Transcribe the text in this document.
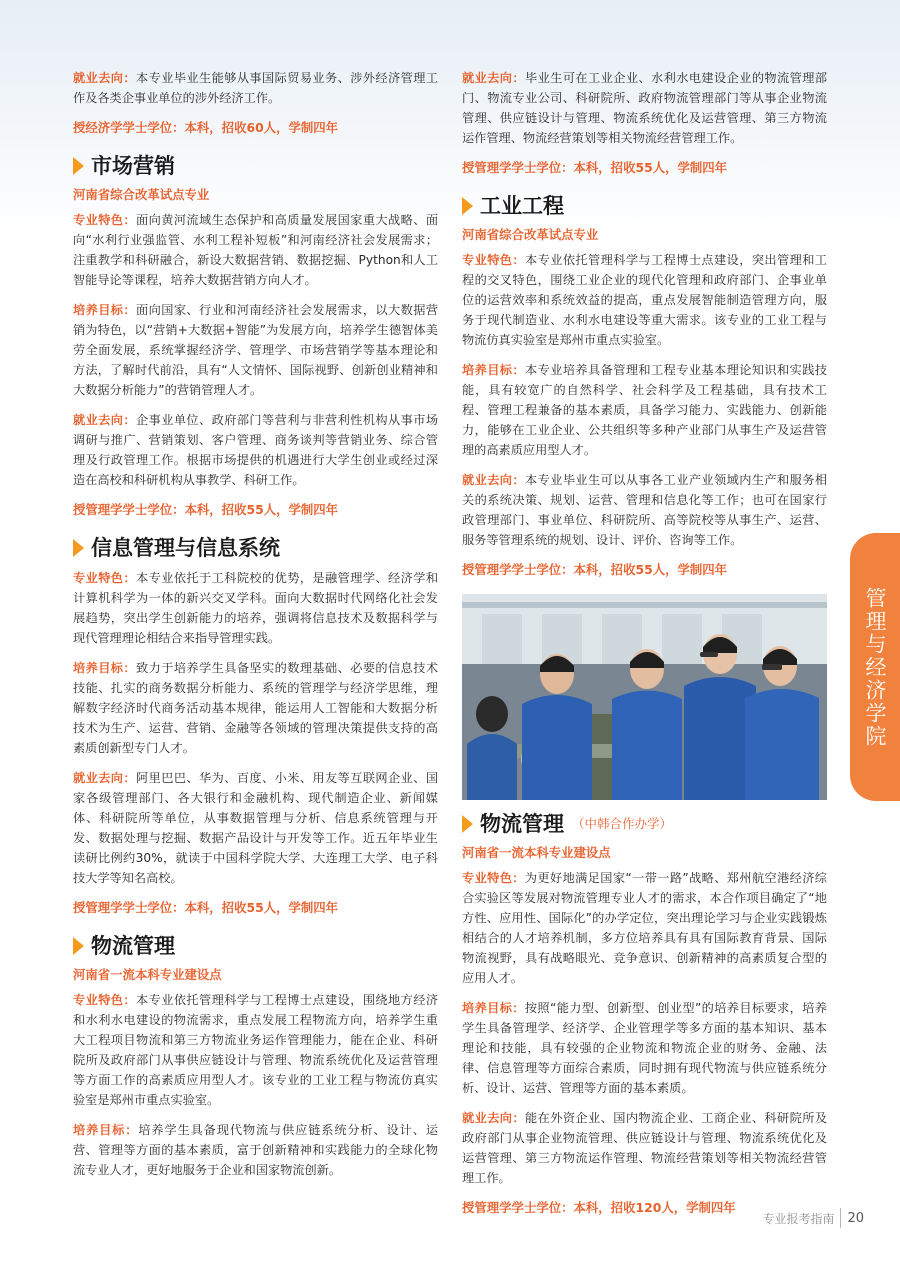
就业去向：本专业毕业生能够从事国际贸易业务、涉外经济管理工作及各类企事业单位的涉外经济工作。

授经济学学士学位：本科，招收60人，学制四年
市场营销
河南省综合改革试点专业

专业特色：面向黄河流域生态保护和高质量发展国家重大战略、面向“水利行业强监管、水利工程补短板”和河南经济社会发展需求；注重教学和科研融合，新设大数据营销、数据挖掘、Python和人工智能导论等课程，培养大数据营销方向人才。

培养目标：面向国家、行业和河南经济社会发展需求，以大数据营销为特色，以“营销+大数据+智能”为发展方向，培养学生德智体美劳全面发展，系统掌握经济学、管理学、市场营销学等基本理论和方法，了解时代前沿，具有“人文情怀、国际视野、创新创业精神和大数据分析能力”的营销管理人才。

就业去向：企事业单位、政府部门等营利与非营利性机构从事市场调研与推广、营销策划、客户管理、商务谈判等营销业务、综合管理及行政管理工作。根据市场提供的机遇进行大学生创业或经过深造在高校和科研机构从事教学、科研工作。

授管理学学士学位：本科，招收55人，学制四年
信息管理与信息系统

专业特色：本专业依托于工科院校的优势，是融管理学、经济学和计算机科学为一体的新兴交叉学科。面向大数据时代网络化社会发展趋势，突出学生创新能力的培养，强调将信息技术及数据科学与现代管理理论相结合来指导管理实践。

培养目标：致力于培养学生具备坚实的数理基础、必要的信息技术技能、扎实的商务数据分析能力、系统的管理学与经济学思维，理解数字经济时代商务活动基本规律，能运用人工智能和大数据分析技术为生产、运营、营销、金融等各领域的管理决策提供支持的高素质创新型专门人才。

就业去向：阿里巴巴、华为、百度、小米、用友等互联网企业、国家各级管理部门、各大银行和金融机构、现代制造企业、新闻媒体、科研院所等单位，从事数据管理与分析、信息系统管理与开发、数据处理与挖掘、数据产品设计与开发等工作。近五年毕业生读研比例约30%，就读于中国科学院大学、大连理工大学、电子科技大学等知名高校。

授管理学学士学位：本科，招收55人，学制四年
物流管理
河南省一流本科专业建设点

专业特色：本专业依托管理科学与工程博士点建设，围绕地方经济和水利水电建设的物流需求，重点发展工程物流方向，培养学生重大工程项目物流和第三方物流业务运作管理能力，能在企业、科研院所及政府部门从事供应链设计与管理、物流系统优化及运营管理等方面工作的高素质应用型人才。该专业的工业工程与物流仿真实验室是郑州市重点实验室。

培养目标：培养学生具备现代物流与供应链系统分析、设计、运营、管理等方面的基本素质，富于创新精神和实践能力的全球化物流专业人才，更好地服务于企业和国家物流创新。

就业去向：毕业生可在工业企业、水利水电建设企业的物流管理部门、物流专业公司、科研院所、政府物流管理部门等从事企业物流管理、供应链设计与管理、物流系统优化及运营管理、第三方物流运作管理、物流经营策划等相关物流经营管理工作。

授管理学学士学位：本科，招收55人，学制四年
工业工程
河南省综合改革试点专业

专业特色：本专业依托管理科学与工程博士点建设，突出管理和工程的交叉特色，围绕工业企业的现代化管理和政府部门、企事业单位的运营效率和系统效益的提高，重点发展智能制造管理方向，服务于现代制造业、水利水电建设等重大需求。该专业的工业工程与物流仿真实验室是郑州市重点实验室。

培养目标：本专业培养具备管理和工程专业基本理论知识和实践技能，具有较宽广的自然科学、社会科学及工程基础，具有技术工程、管理工程兼备的基本素质，具备学习能力、实践能力、创新能力，能够在工业企业、公共组织等多种产业部门从事生产及运营管理的高素质应用型人才。

就业去向：本专业毕业生可以从事各工业产业领域内生产和服务相关的系统决策、规划、运营、管理和信息化等工作；也可在国家行政管理部门、事业单位、科研院所、高等院校等从事生产、运营、服务等管理系统的规划、设计、评价、咨询等工作。

授管理学学士学位：本科，招收55人，学制四年
物流管理 （中韩合作办学）
河南省一流本科专业建设点

专业特色：为更好地满足国家“一带一路”战略、郑州航空港经济综合实验区等发展对物流管理专业人才的需求，本合作项目确定了“地方性、应用性、国际化”的办学定位，突出理论学习与企业实践锻炼相结合的人才培养机制，多方位培养具有具有国际教育背景、国际物流视野，具有战略眼光、竞争意识、创新精神的高素质复合型的应用人才。

培养目标：按照“能力型、创新型、创业型”的培养目标要求，培养学生具备管理学、经济学、企业管理学等多方面的基本知识、基本理论和技能，具有较强的企业物流和物流企业的财务、金融、法律、信息管理等方面综合素质，同时拥有现代物流与供应链系统分析、设计、运营、管理等方面的基本素质。

就业去向：能在外资企业、国内物流企业、工商企业、科研院所及政府部门从事企业物流管理、供应链设计与管理、物流系统优化及运营管理、第三方物流运作管理、物流经营策划等相关物流经营管理工作。

授管理学学士学位：本科，招收120人，学制四年
管理与经济学院
专业报考指南 20
